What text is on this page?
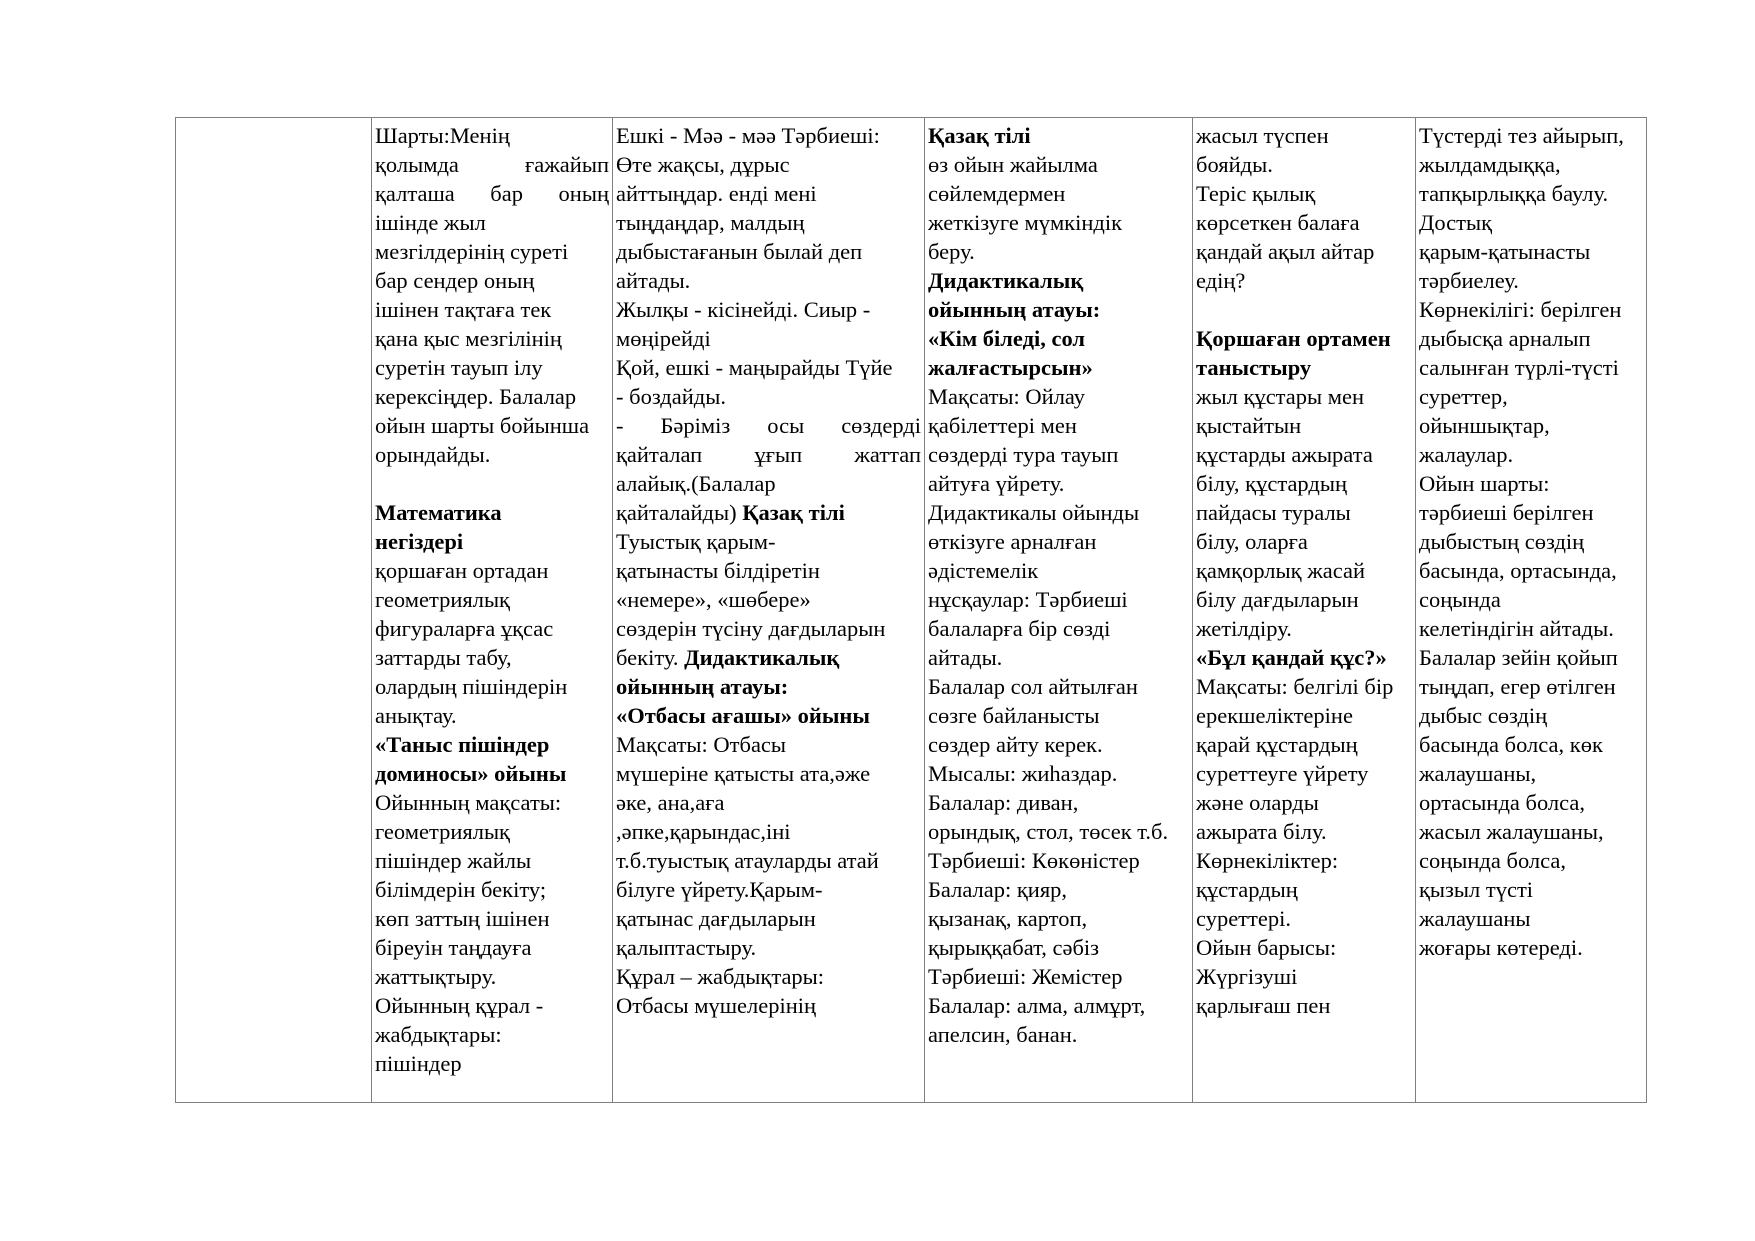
Шарты:Менің
қолымда ғажайып
қалташа бар оның
ішінде жыл
мезгілдерінің суреті
бар сендер оның
ішінен тақтаға тек
қана қыс мезгілінің
суретін тауып ілу
керексіңдер. Балалар
ойын шарты бойынша
орындайды.
Математика
негіздері
қоршаған ортадан
геометриялық
фигураларға ұқсас
заттарды табу,
олардың пішіндерін
анықтау.
«Таныс пішіндер
доминосы» ойыны
Ойынның мақсаты:
геометриялық
пішіндер жайлы
білімдерін бекіту;
көп заттың ішінен
біреуін таңдауға
жаттықтыру.
Ойынның құрал -
жабдықтары:
пішіндер
Ешкі - Мәә - мәә Тәрбиеші:
Өте жақсы, дұрыс
айттыңдар. енді мені
тыңдаңдар, малдың
дыбыстағанын былай деп
айтады.
Жылқы - кісінейді. Сиыр -
мөңірейді
Қой, ешкі - маңырайды Түйе
- боздайды.
- Бәріміз осы сөздерді
қайталап ұғып жаттап
алайық.(Балалар
қайталайды) Қазақ тілі
Туыстық қарым-
қатынасты білдіретін
«немере», «шөбере»
сөздерін түсіну дағдыларын
бекіту. Дидактикалық
ойынның атауы:
«Отбасы ағашы» ойыны
Мақсаты: Отбасы
мүшеріне қатысты ата,әже
әке, ана,аға
,әпке,қарындас,іні
т.б.туыстық атауларды атай
білуге үйрету.Қарым-
қатынас дағдыларын
қалыптастыру.
Құрал – жабдықтары:
Отбасы мүшелерінің
Қазақ тілі
өз ойын жайылма
сөйлемдермен
жеткізуге мүмкіндік
беру.
Дидактикалық
ойынның атауы:
«Кім біледі, сол
жалғастырсын»
Мақсаты: Ойлау
қабілеттері мен
сөздерді тура тауып
айтуға үйрету.
Дидактикалы ойынды
өткізуге арналған
әдістемелік
нұсқаулар: Тәрбиеші
балаларға бір сөзді
айтады.
Балалар сол айтылған
сөзге байланысты
сөздер айту керек.
Мысалы: жиhаздар.
Балалар: диван,
орындық, стол, төсек т.б.
Тәрбиеші: Көкөністер
Балалар: қияр,
қызанақ, картоп,
қырыққабат, сәбіз
Тәрбиеші: Жемістер
Балалар: алма, алмұрт,
апелсин, банан.
жасыл түспен
бояйды.
Теріс қылық
көрсеткен балаға
қандай ақыл айтар
едің?
Қоршаған ортамен
таныстыру
жыл құстары мен
қыстайтын
құстарды ажырата
білу, құстардың
пайдасы туралы
білу, оларға
қамқорлық жасай
білу дағдыларын
жетілдіру.
«Бұл қандай құс?»
Мақсаты: белгілі бір
ерекшеліктеріне
қарай құстардың
суреттеуге үйрету
және оларды
ажырата білу.
Көрнекіліктер:
құстардың
суреттері.
Ойын барысы:
Жүргізуші
қарлығаш пен
Түстерді тез айырып,
жылдамдыққа,
тапқырлыққа баулу.
Достық
қарым-қатынасты
тәрбиелеу.
Көрнекілігі: берілген
дыбысқа арналып
салынған түрлі-түсті
суреттер,
ойыншықтар,
жалаулар.
Ойын шарты:
тәрбиеші берілген
дыбыстың сөздің
басында, ортасында,
соңында
келетіндігін айтады.
Балалар зейін қойып
тыңдап, егер өтілген
дыбыс сөздің
басында болса, көк
жалаушаны,
ортасында болса,
жасыл жалаушаны,
соңында болса,
қызыл түсті
жалаушаны
жоғары көтереді.
